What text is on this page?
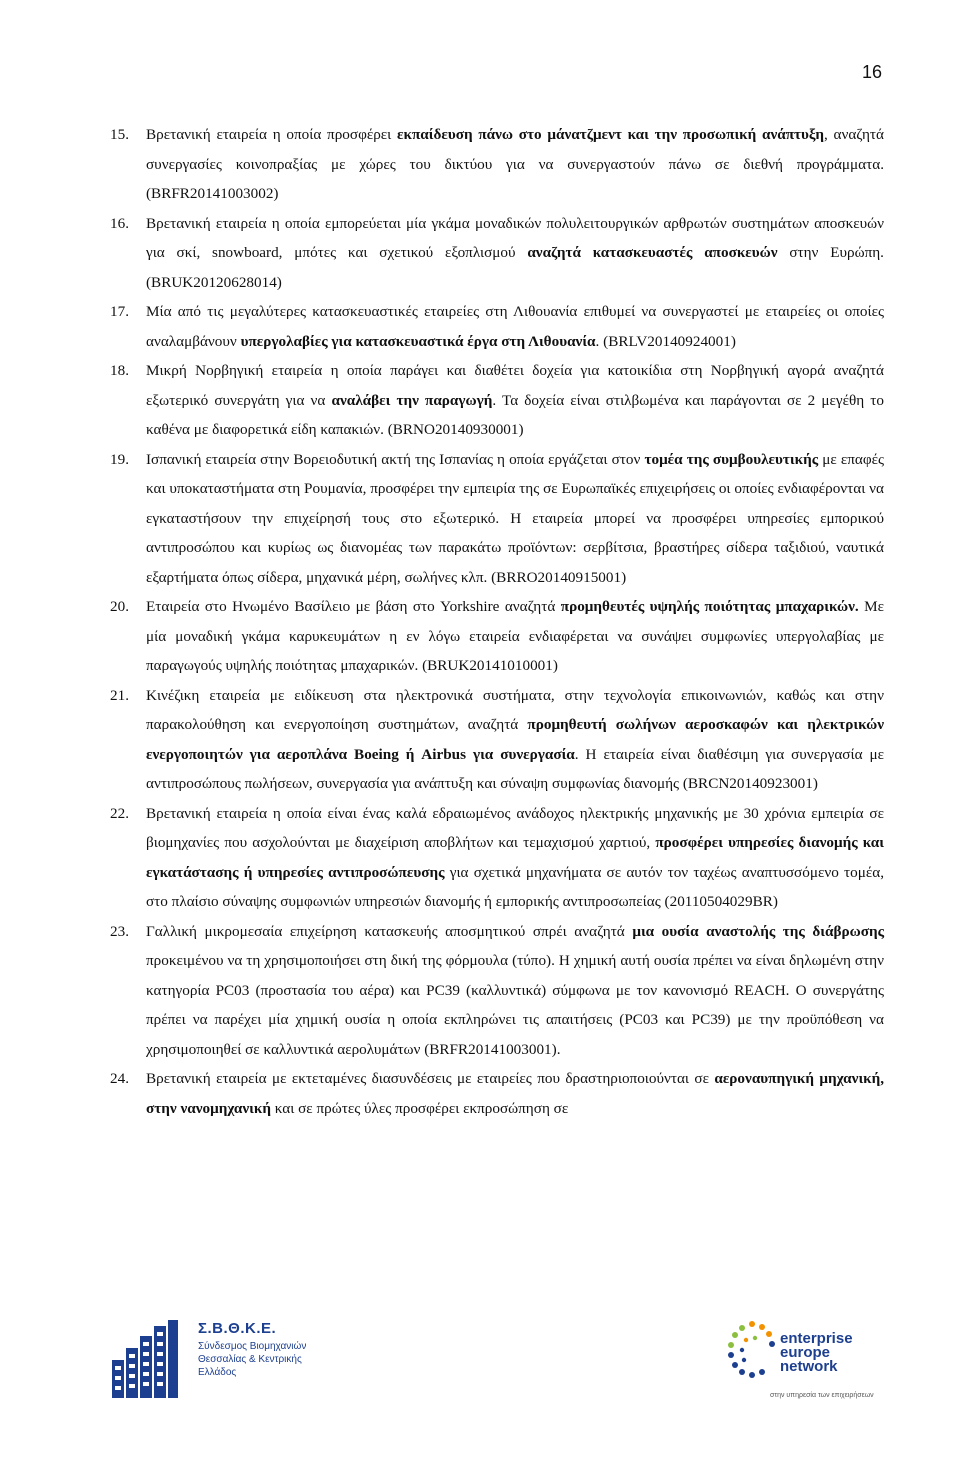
16
15. Βρετανική εταιρεία η οποία προσφέρει εκπαίδευση πάνω στο μάνατζμεντ και την προσωπική ανάπτυξη, αναζητά συνεργασίες κοινοπραξίας με χώρες του δικτύου για να συνεργαστούν πάνω σε διεθνή προγράμματα. (BRFR20141003002)
16. Βρετανική εταιρεία η οποία εμπορεύεται μία γκάμα μοναδικών πολυλειτουργικών αρθρωτών συστημάτων αποσκευών για σκί, snowboard, μπότες και σχετικού εξοπλισμού αναζητά κατασκευαστές αποσκευών στην Ευρώπη. (BRUK20120628014)
17. Μία από τις μεγαλύτερες κατασκευαστικές εταιρείες στη Λιθουανία επιθυμεί να συνεργαστεί με εταιρείες οι οποίες αναλαμβάνουν υπεργολαβίες για κατασκευαστικά έργα στη Λιθουανία. (BRLV20140924001)
18. Μικρή Νορβηγική εταιρεία η οποία παράγει και διαθέτει δοχεία για κατοικίδια στη Νορβηγική αγορά αναζητά εξωτερικό συνεργάτη για να αναλάβει την παραγωγή. Τα δοχεία είναι στιλβωμένα και παράγονται σε 2 μεγέθη το καθένα με διαφορετικά είδη καπακιών. (BRNO20140930001)
19. Ισπανική εταιρεία στην Βορειοδυτική ακτή της Ισπανίας η οποία εργάζεται στον τομέα της συμβουλευτικής με επαφές και υποκαταστήματα στη Ρουμανία, προσφέρει την εμπειρία της σε Ευρωπαϊκές επιχειρήσεις οι οποίες ενδιαφέρονται να εγκαταστήσουν την επιχείρησή τους στο εξωτερικό. Η εταιρεία μπορεί να προσφέρει υπηρεσίες εμπορικού αντιπροσώπου και κυρίως ως διανομέας των παρακάτω προϊόντων: σερβίτσια, βραστήρες σίδερα ταξιδιού, ναυτικά εξαρτήματα όπως σίδερα, μηχανικά μέρη, σωλήνες κλπ. (BRRO20140915001)
20. Εταιρεία στο Ηνωμένο Βασίλειο με βάση στο Yorkshire αναζητά προμηθευτές υψηλής ποιότητας μπαχαρικών. Με μία μοναδική γκάμα καρυκευμάτων η εν λόγω εταιρεία ενδιαφέρεται να συνάψει συμφωνίες υπεργολαβίας με παραγωγούς υψηλής ποιότητας μπαχαρικών. (BRUK20141010001)
21. Κινέζικη εταιρεία με ειδίκευση στα ηλεκτρονικά συστήματα, στην τεχνολογία επικοινωνιών, καθώς και στην παρακολούθηση και ενεργοποίηση συστημάτων, αναζητά προμηθευτή σωλήνων αεροσκαφών και ηλεκτρικών ενεργοποιητών για αεροπλάνα Boeing ή Airbus για συνεργασία. Η εταιρεία είναι διαθέσιμη για συνεργασία με αντιπροσώπους πωλήσεων, συνεργασία για ανάπτυξη και σύναψη συμφωνίας διανομής (BRCN20140923001)
22. Βρετανική εταιρεία η οποία είναι ένας καλά εδραιωμένος ανάδοχος ηλεκτρικής μηχανικής με 30 χρόνια εμπειρία σε βιομηχανίες που ασχολούνται με διαχείριση αποβλήτων και τεμαχισμού χαρτιού, προσφέρει υπηρεσίες διανομής και εγκατάστασης ή υπηρεσίες αντιπροσώπευσης για σχετικά μηχανήματα σε αυτόν τον ταχέως αναπτυσσόμενο τομέα, στο πλαίσιο σύναψης συμφωνιών υπηρεσιών διανομής ή εμπορικής αντιπροσωπείας (20110504029BR)
23. Γαλλική μικρομεσαία επιχείρηση κατασκευής αποσμητικού σπρέι αναζητά μια ουσία αναστολής της διάβρωσης προκειμένου να τη χρησιμοποιήσει στη δική της φόρμουλα (τύπο). Η χημική αυτή ουσία πρέπει να είναι δηλωμένη στην κατηγορία PC03 (προστασία του αέρα) και PC39 (καλλυντικά) σύμφωνα με τον κανονισμό REACH. Ο συνεργάτης πρέπει να παρέχει μία χημική ουσία η οποία εκπληρώνει τις απαιτήσεις (PC03 και PC39) με την προϋπόθεση να χρησιμοποιηθεί σε καλλυντικά αερολυμάτων (BRFR20141003001).
24. Βρετανική εταιρεία με εκτεταμένες διασυνδέσεις με εταιρείες που δραστηριοποιούνται σε αεροναυπηγική μηχανική, στην νανομηχανική και σε πρώτες ύλες προσφέρει εκπροσώπηση σε
Σ.Β.Θ.Κ.Ε.
Σύνδεσμος Βιομηχανιών Θεσσαλίας & Κεντρικής Ελλάδος
enterprise
europe
network
στην υπηρεσία των επιχειρήσεων
